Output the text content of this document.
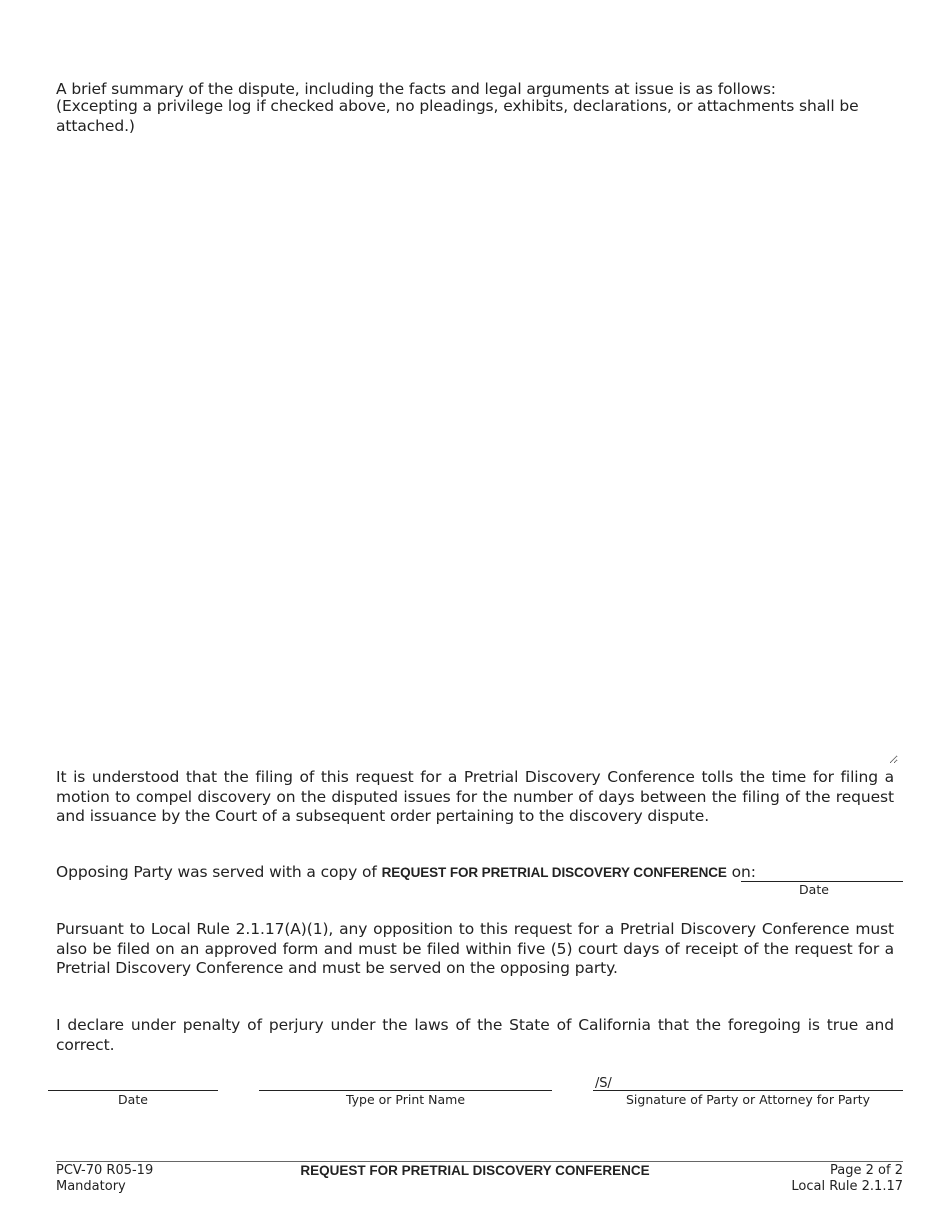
A brief summary of the dispute, including the facts and legal arguments at issue is as follows:
(Excepting a privilege log if checked above, no pleadings, exhibits, declarations, or attachments shall be attached.)
It is understood that the filing of this request for a Pretrial Discovery Conference tolls the time for filing a motion to compel discovery on the disputed issues for the number of days between the filing of the request and issuance by the Court of a subsequent order pertaining to the discovery dispute.
Opposing Party was served with a copy of REQUEST FOR PRETRIAL DISCOVERY CONFERENCE on:
Date
Pursuant to Local Rule 2.1.17(A)(1), any opposition to this request for a Pretrial Discovery Conference must also be filed on an approved form and must be filed within five (5) court days of receipt of the request for a Pretrial Discovery Conference and must be served on the opposing party.
I declare under penalty of perjury under the laws of the State of California that the foregoing is true and correct.
Date	Type or Print Name
/S/
Signature of Party or Attorney for Party
PCV-70 R05-19
Mandatory
REQUEST FOR PRETRIAL DISCOVERY CONFERENCE	Page 2 of 2
Local Rule 2.1.17
